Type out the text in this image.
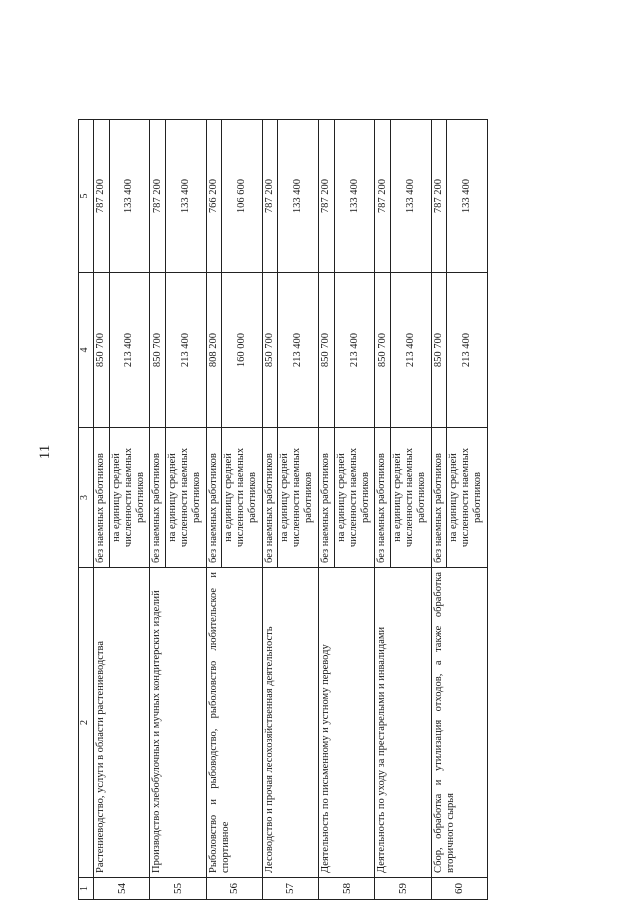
11
1	2	3	4	5
54	Растениеводство, услуги в области растениеводства	без наемных работников	850 700	787 200
		на единицу средней численности наемных работников	213 400	133 400
55	Производство хлебобулочных и мучных кондитерских изделий	без наемных работников	850 700	787 200
		на единицу средней численности наемных работников	213 400	133 400
56	Рыболовство и рыбоводство, рыболовство любительское и спортивное	без наемных работников	808 200	766 200
		на единицу средней численности наемных работников	160 000	106 600
57	Лесоводство и прочая лесохозяйственная деятельность	без наемных работников	850 700	787 200
		на единицу средней численности наемных работников	213 400	133 400
58	Деятельность по письменному и устному переводу	без наемных работников	850 700	787 200
		на единицу средней численности наемных работников	213 400	133 400
59	Деятельность по уходу за престарелыми и инвалидами	без наемных работников	850 700	787 200
		на единицу средней численности наемных работников	213 400	133 400
60	Сбор, обработка и утилизация отходов, а также обработка вторичного сырья	без наемных работников	850 700	787 200
		на единицу средней численности наемных работников	213 400	133 400
